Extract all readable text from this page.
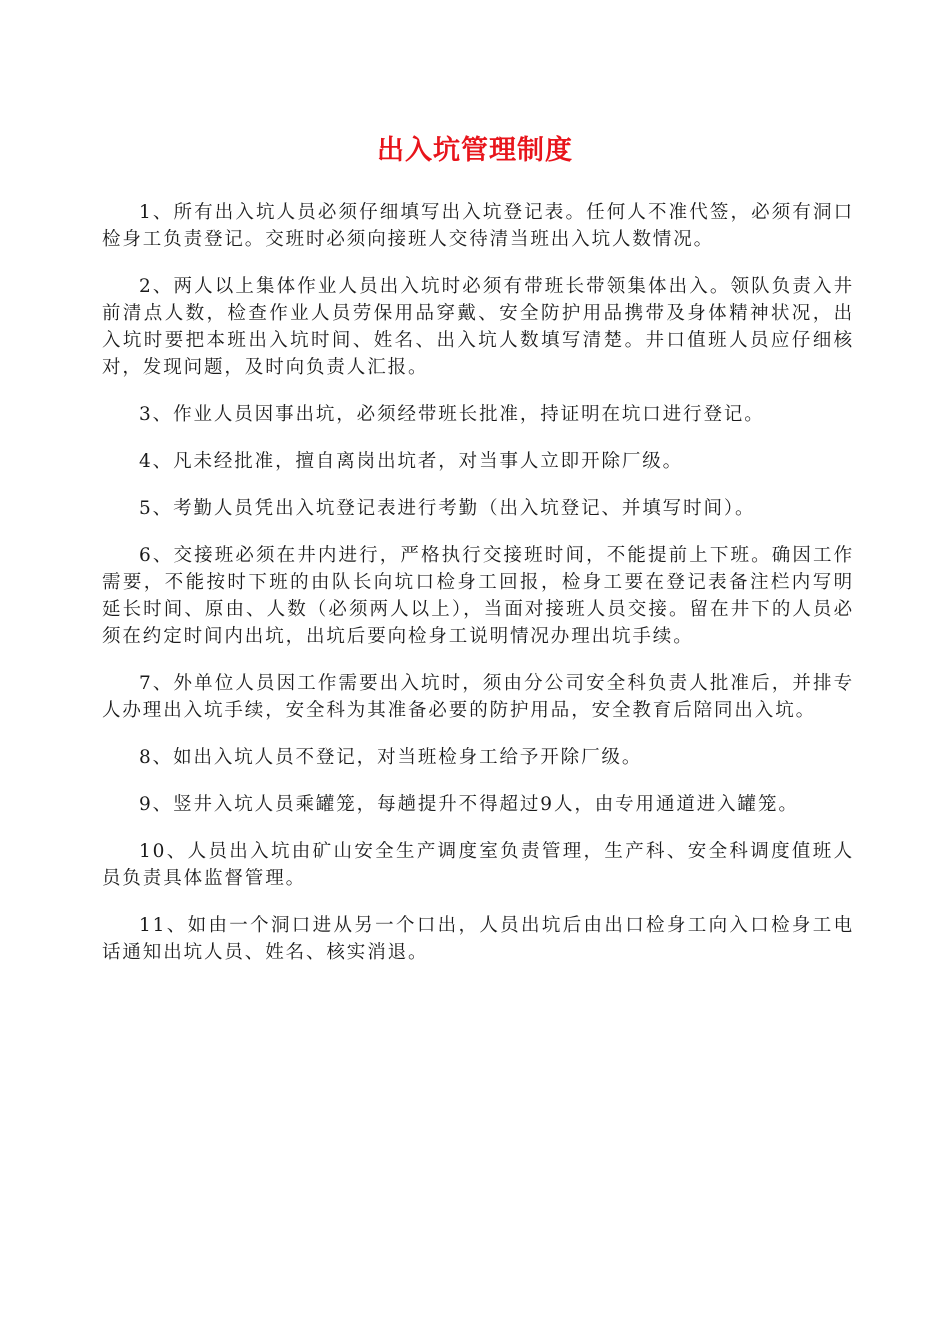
出入坑管理制度

1、所有出入坑人员必须仔细填写出入坑登记表。任何人不准代签，必须有洞口检身工负责登记。交班时必须向接班人交待清当班出入坑人数情况。

2、两人以上集体作业人员出入坑时必须有带班长带领集体出入。领队负责入井前清点人数，检查作业人员劳保用品穿戴、安全防护用品携带及身体精神状况，出入坑时要把本班出入坑时间、姓名、出入坑人数填写清楚。井口值班人员应仔细核对，发现问题，及时向负责人汇报。

3、作业人员因事出坑，必须经带班长批准，持证明在坑口进行登记。

4、凡未经批准，擅自离岗出坑者，对当事人立即开除厂级。

5、考勤人员凭出入坑登记表进行考勤（出入坑登记、并填写时间）。

6、交接班必须在井内进行，严格执行交接班时间，不能提前上下班。确因工作需要，不能按时下班的由队长向坑口检身工回报，检身工要在登记表备注栏内写明延长时间、原由、人数（必须两人以上），当面对接班人员交接。留在井下的人员必须在约定时间内出坑，出坑后要向检身工说明情况办理出坑手续。

7、外单位人员因工作需要出入坑时，须由分公司安全科负责人批准后，并排专人办理出入坑手续，安全科为其准备必要的防护用品，安全教育后陪同出入坑。

8、如出入坑人员不登记，对当班检身工给予开除厂级。

9、竖井入坑人员乘罐笼，每趟提升不得超过9人，由专用通道进入罐笼。

10、人员出入坑由矿山安全生产调度室负责管理，生产科、安全科调度值班人员负责具体监督管理。

11、如由一个洞口进从另一个口出，人员出坑后由出口检身工向入口检身工电话通知出坑人员、姓名、核实消退。
